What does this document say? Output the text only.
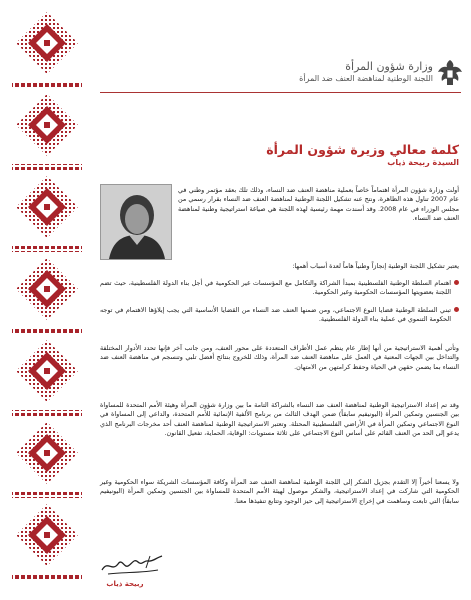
وزارة شؤون المرأة
اللجنة الوطنية لمناهضة العنف ضد المرأة
كلمة معالي وزيرة شؤون المرأة
السيدة ربيحة ذياب
أولت وزارة شؤون المرأة اهتماماً خاصاً بعملية مناهضة العنف ضد النساء، وذلك تلك بعقد مؤتمر وطني في عام 2007 تناول هذه الظاهرة، ونتج عنه تشكيل اللجنة الوطنية لمناهضة العنف ضد النساء بقرار رسمي من مجلس الوزراء في عام 2008. وقد أسندت مهمة رئيسية لهذه اللجنة هي صياغة استراتيجية وطنية لمناهضة العنف ضد النساء.
يعتبر تشكيل اللجنة الوطنية إنجازاً وطنياً هاماً لعدة أسباب أهمها:
اهتمام السلطة الوطنية الفلسطينية بمبدأ الشراكة والتكامل مع المؤسسات غير الحكومية في أجل بناء الدولة الفلسطينية، حيث تضم اللجنة بعضويتها المؤسسات الحكومية وغير الحكومية.
تبني السلطة الوطنية قضايا النوع الاجتماعي، ومن ضمنها العنف ضد النساء من القضايا الأساسية التي يجب إيلاؤها الاهتمام في توجه الحكومة التنموي في عملية بناء الدولة الفلسطينية.
وتأتي أهمية الاستراتيجية من أنها إطار عام ينظم عمل الأطراف المتعددة على محور العنف، ومن جانب آخر فإنها تحدد الأدوار المختلفة والتداخل بين الجهات المعنية في العمل على مناهضة العنف ضد المرأة، وذلك للخروج بنتائج أفضل تلبي وتنسجم في مناهضة العنف ضد النساء بما يضمن حقهن في الحياة وحفظ كرامتهن من الامتهان.
وقد تم إعداد الاستراتيجية الوطنية لمناهضة العنف ضد النساء بالشراكة التامة ما بين وزارة شؤون المرأة وهيئة الأمم المتحدة للمساواة بين الجنسين وتمكين المرأة (اليونيفيم سابقاً) ضمن الهدف الثالث من برنامج الألفية الإنمائية للأمم المتحدة، والداعي إلى المساواة في النوع الاجتماعي وتمكين المرأة في الأراضي الفلسطينية المحتلة. وتعتبر الاستراتيجية الوطنية لمناهضة العنف أحد مخرجات البرنامج الذي يدعو إلى الحد من العنف القائم على أساس النوع الاجتماعي على ثلاثة مستويات: الوقاية، الحماية، تفعيل القانون.
ولا يسعنا أخيراً إلا التقدم بجزيل الشكر إلى اللجنة الوطنية لمناهضة العنف ضد المرأة وكافة المؤسسات الشريكة سواء الحكومية وغير الحكومية التي شاركت في إعداد الاستراتيجية، والشكر موصول لهيئة الأمم المتحدة للمساواة بين الجنسين وتمكين المرأة (اليونيفيم سابقاً) التي تابعت وساهمت في إخراج الاستراتيجية إلى حيز الوجود وتتابع تنفيذها معنا.
ربيحة ذياب
